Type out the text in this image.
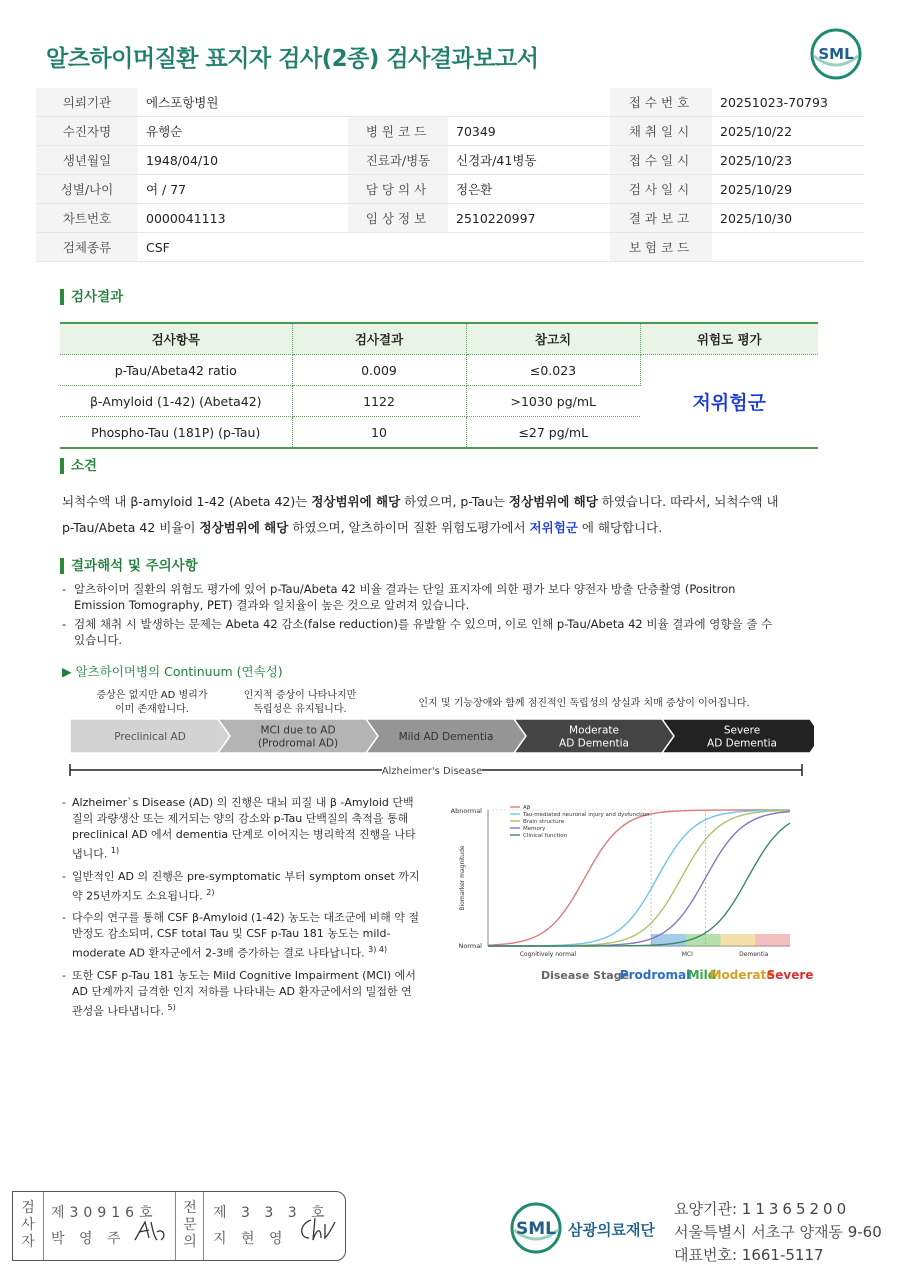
알츠하이머질환 표지자 검사(2종) 검사결과보고서	SML
의뢰기관	에스포항병원			접수번호	20251023-70793
수진자명	유행순	병원코드	70349	채취일시	2025/10/22
생년월일	1948/04/10	진료과/병동	신경과/41병동	접수일시	2025/10/23
성별/나이	여 / 77	담당의사	정은환	검사일시	2025/10/29
차트번호	0000041113	임상정보	2510220997	결과보고	2025/10/30
검체종류	CSF			보험코드	
검사결과
검사항목	검사결과	참고치	위험도 평가
p-Tau/Abeta42 ratio	0.009	≤0.023	저위험군
β-Amyloid (1-42) (Abeta42)	1122	>1030 pg/mL	
Phospho-Tau (181P) (p-Tau)	10	≤27 pg/mL	
소견
뇌척수액 내 β-amyloid 1-42 (Abeta 42)는 정상범위에 해당 하였으며, p-Tau는 정상범위에 해당 하였습니다. 따라서, 뇌척수액 내
p-Tau/Abeta 42 비율이 정상범위에 해당 하였으며, 알츠하이머 질환 위험도평가에서 저위험군 에 해당합니다.
결과해석 및 주의사항
- 알츠하이머 질환의 위험도 평가에 있어 p-Tau/Abeta 42 비율 결과는 단일 표지자에 의한 평가 보다 양전자 방출 단층촬영 (Positron Emission Tomography, PET) 결과와 일치율이 높은 것으로 알려져 있습니다.
- 검체 채취 시 발생하는 문제는 Abeta 42 감소(false reduction)를 유발할 수 있으며, 이로 인해 p-Tau/Abeta 42 비율 결과에 영향을 줄 수 있습니다.
▶ 알츠하이머병의 Continuum (연속성)
증상은 없지만 AD 병리가
이미 존재합니다.
인지적 증상이 나타나지만
독립성은 유지됩니다.
인지 및 기능장애와 함께 점진적인 독립성의 상실과 치매 증상이 이어집니다.
Preclinical AD
MCI due to AD
(Prodromal AD)
Mild AD Dementia
Moderate
AD Dementia
Severe
AD Dementia
Alzheimer's Disease
- Alzheimer`s Disease (AD) 의 진행은 대뇌 피질 내 β -Amyloid 단백질의 과량생산 또는 제거되는 양의 감소와 p-Tau 단백질의 축적을 통해 preclinical AD 에서 dementia 단계로 이어지는 병리학적 진행을 나타냅니다. $^{1)}$
- 일반적인 AD 의 진행은 pre-symptomatic 부터 symptom onset 까지 약 25년까지도 소요됩니다. $^{2)}$
- 다수의 연구를 통해 CSF β-Amyloid (1-42) 농도는 대조군에 비해 약 절반정도 감소되며, CSF total Tau 및 CSF p-Tau 181 농도는 mild-moderate AD 환자군에서 2-3배 증가하는 결로 나타납니다. $^{3) 4)}$
- 또한 CSF p-Tau 181 농도는 Mild Cognitive Impairment (MCI) 에서 AD 단계까지 급격한 인지 저하를 나타내는 AD 환자군에서의 밀접한 연관성을 나타냅니다. $^{5)}$
Abnormal
Normal
Biomarker magnitude
Aβ
Tau-mediated neuronal injury and dysfunction
Brain structure
Memory
Clinical function
Cognitively normal	MCI	Dementia
Disease Stage
Prodromal
Mild
Moderate
Severe
검
사
자
제30916호
박 영 주
전
문
의
제 3 3 3 호
지 현 영	SML 삼광의료재단
요양기관: 11365200
서울특별시 서초구 양재동 9-60
대표번호: 1661-5117
